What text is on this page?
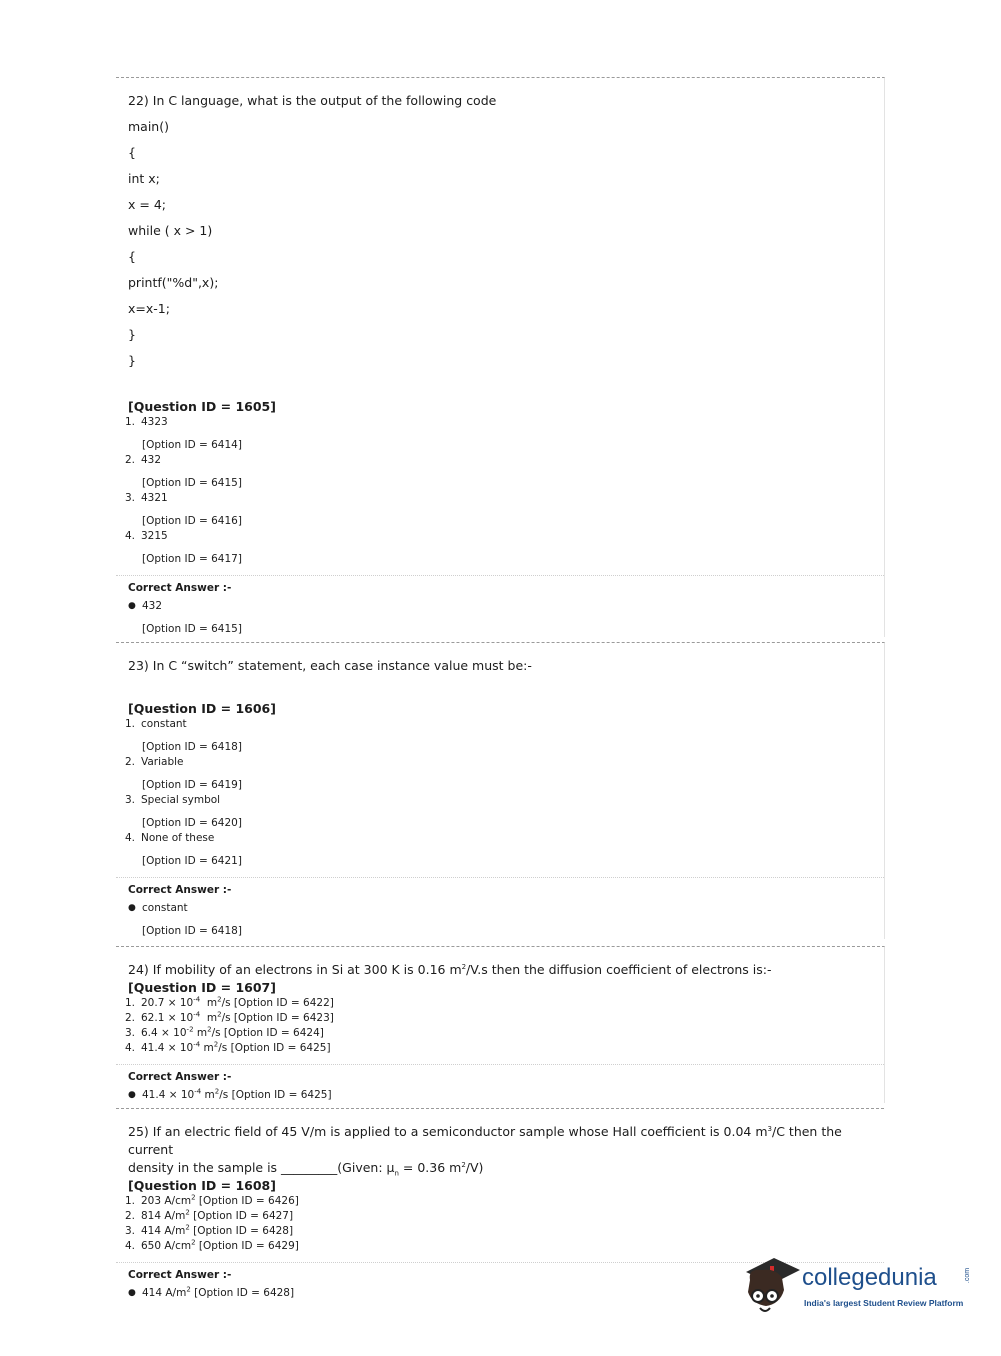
22) In C language, what is the output of the following code
main()
{
int x;
x = 4;
while ( x > 1)
{
printf("%d",x);
x=x-1;
}
}
[Question ID = 1605]
1. 4323
[Option ID = 6414]
2. 432
[Option ID = 6415]
3. 4321
[Option ID = 6416]
4. 3215
[Option ID = 6417]
Correct Answer :-
● 432
[Option ID = 6415]
23) In C “switch” statement, each case instance value must be:-
[Question ID = 1606]
1. constant
[Option ID = 6418]
2. Variable
[Option ID = 6419]
3. Special symbol
[Option ID = 6420]
4. None of these
[Option ID = 6421]
Correct Answer :-
● constant
[Option ID = 6418]
24) If mobility of an electrons in Si at 300 K is 0.16 $m^2/V.s$ then the diffusion coefficient of electrons is:-
[Question ID = 1607]
1. $20.7 \times 10^{-4}$  $m^2/s$ [Option ID = 6422]
2. $62.1 \times 10^{-4}$  $m^2/s$ [Option ID = 6423]
3. $6.4 \times 10^{-2}$ $m^2/s$ [Option ID = 6424]
4. $41.4 \times 10^{-4}$ $m^2/s$ [Option ID = 6425]
Correct Answer :-
● $41.4 \times 10^{-4}$ $m^2/s$ [Option ID = 6425]
25) If an electric field of 45 V/m is applied to a semiconductor sample whose Hall coefficient is 0.04 $m^3/C$ then the current
density in the sample is _________(Given: $\mu_n = 0.36$ $m^2/V$)
[Question ID = 1608]
1. 203 $A/cm^2$ [Option ID = 6426]
2. 814 $A/m^2$ [Option ID = 6427]
3. 414 $A/m^2$ [Option ID = 6428]
4. 650 $A/cm^2$ [Option ID = 6429]
Correct Answer :-
● 414 $A/m^2$ [Option ID = 6428]
collegedunia	.com
India's largest Student Review Platform
